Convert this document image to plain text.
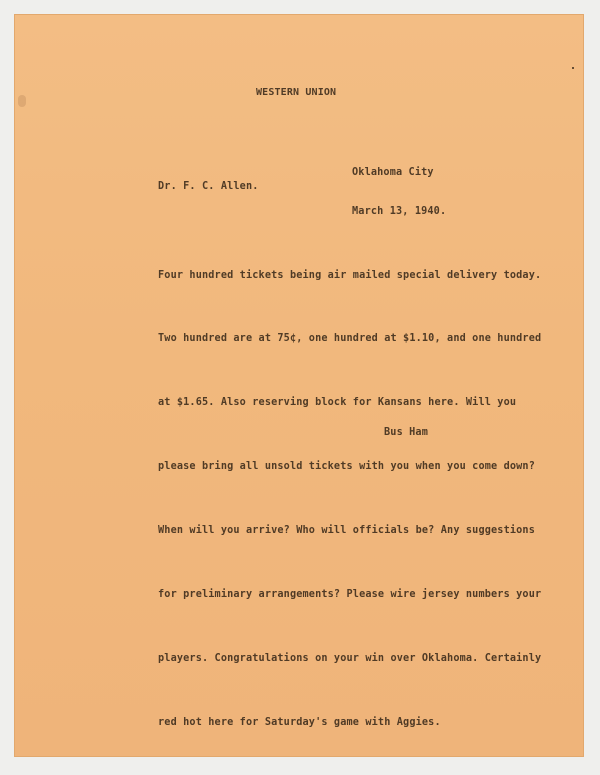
WESTERN UNION

Oklahoma City

March 13, 1940.

Dr. F. C. Allen.

Four hundred tickets being air mailed special delivery today.

Two hundred are at 75¢, one hundred at $1.10, and one hundred

at $1.65. Also reserving block for Kansans here. Will you

please bring all unsold tickets with you when you come down?

When will you arrive? Who will officials be? Any suggestions

for preliminary arrangements? Please wire jersey numbers your

players. Congratulations on your win over Oklahoma. Certainly

red hot here for Saturday's game with Aggies.

Bus Ham
